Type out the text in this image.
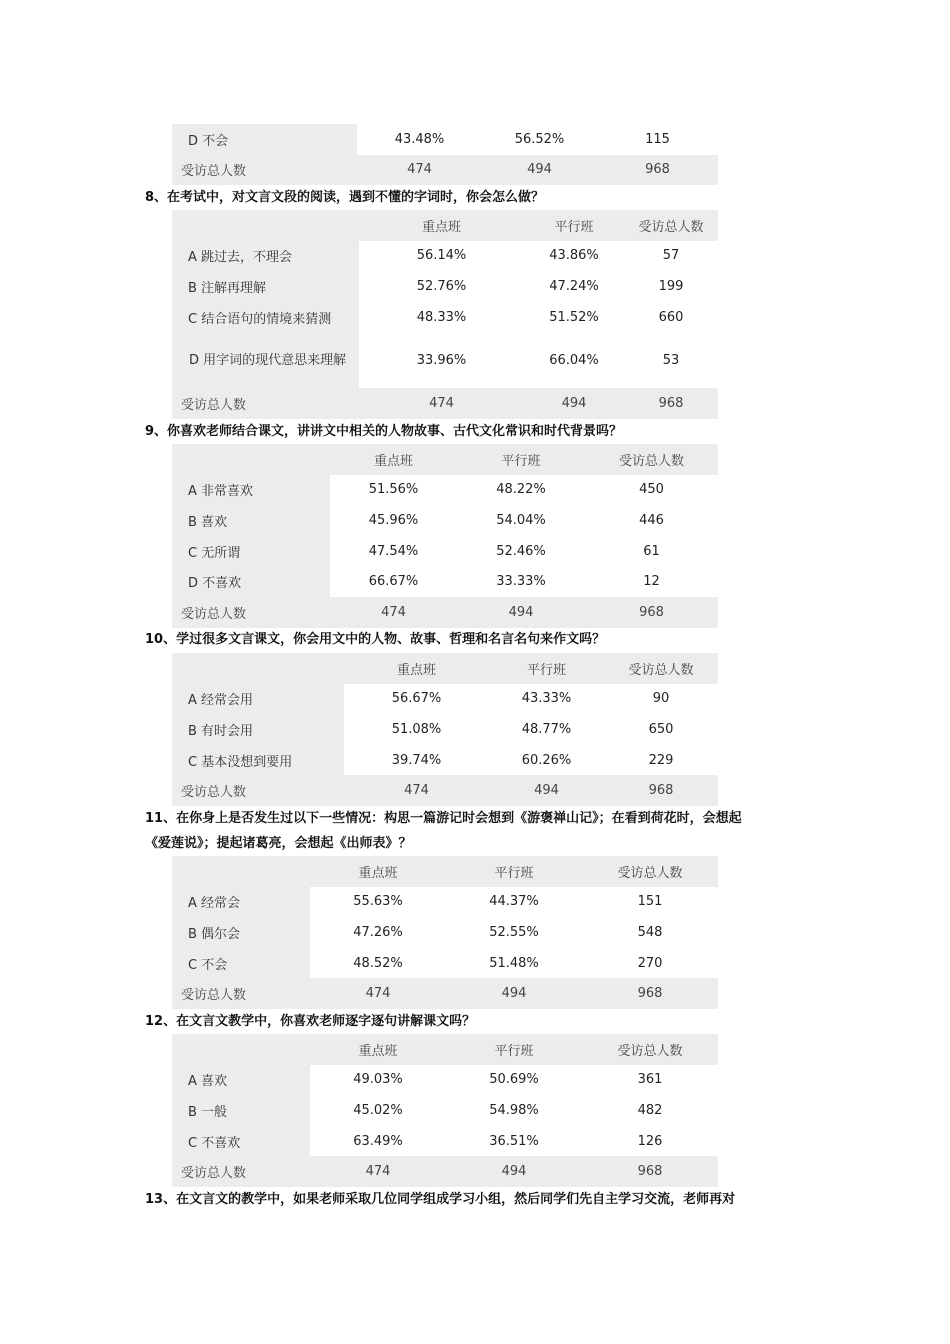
D 不会	43.48%	56.52%	115
受访总人数	474	494	968
8、在考试中，对文言文段的阅读，遇到不懂的字词时，你会怎么做？
	重点班	平行班	受访总人数
A 跳过去，不理会	56.14%	43.86%	57
B 注解再理解	52.76%	47.24%	199
C 结合语句的情境来猜测	48.33%	51.52%	660
D 用字词的现代意思来理解	33.96%	66.04%	53
受访总人数	474	494	968
9、你喜欢老师结合课文，讲讲文中相关的人物故事、古代文化常识和时代背景吗？
	重点班	平行班	受访总人数
A 非常喜欢	51.56%	48.22%	450
B 喜欢	45.96%	54.04%	446
C 无所谓	47.54%	52.46%	61
D 不喜欢	66.67%	33.33%	12
受访总人数	474	494	968
10、学过很多文言课文，你会用文中的人物、故事、哲理和名言名句来作文吗？
	重点班	平行班	受访总人数
A 经常会用	56.67%	43.33%	90
B 有时会用	51.08%	48.77%	650
C 基本没想到要用	39.74%	60.26%	229
受访总人数	474	494	968
11、在你身上是否发生过以下一些情况：构思一篇游记时会想到《游褒禅山记》；在看到荷花时，会想起
《爱莲说》；提起诸葛亮，会想起《出师表》？
	重点班	平行班	受访总人数
A 经常会	55.63%	44.37%	151
B 偶尔会	47.26%	52.55%	548
C 不会	48.52%	51.48%	270
受访总人数	474	494	968
12、在文言文教学中，你喜欢老师逐字逐句讲解课文吗？
	重点班	平行班	受访总人数
A 喜欢	49.03%	50.69%	361
B 一般	45.02%	54.98%	482
C 不喜欢	63.49%	36.51%	126
受访总人数	474	494	968
13、在文言文的教学中，如果老师采取几位同学组成学习小组，然后同学们先自主学习交流，老师再对
